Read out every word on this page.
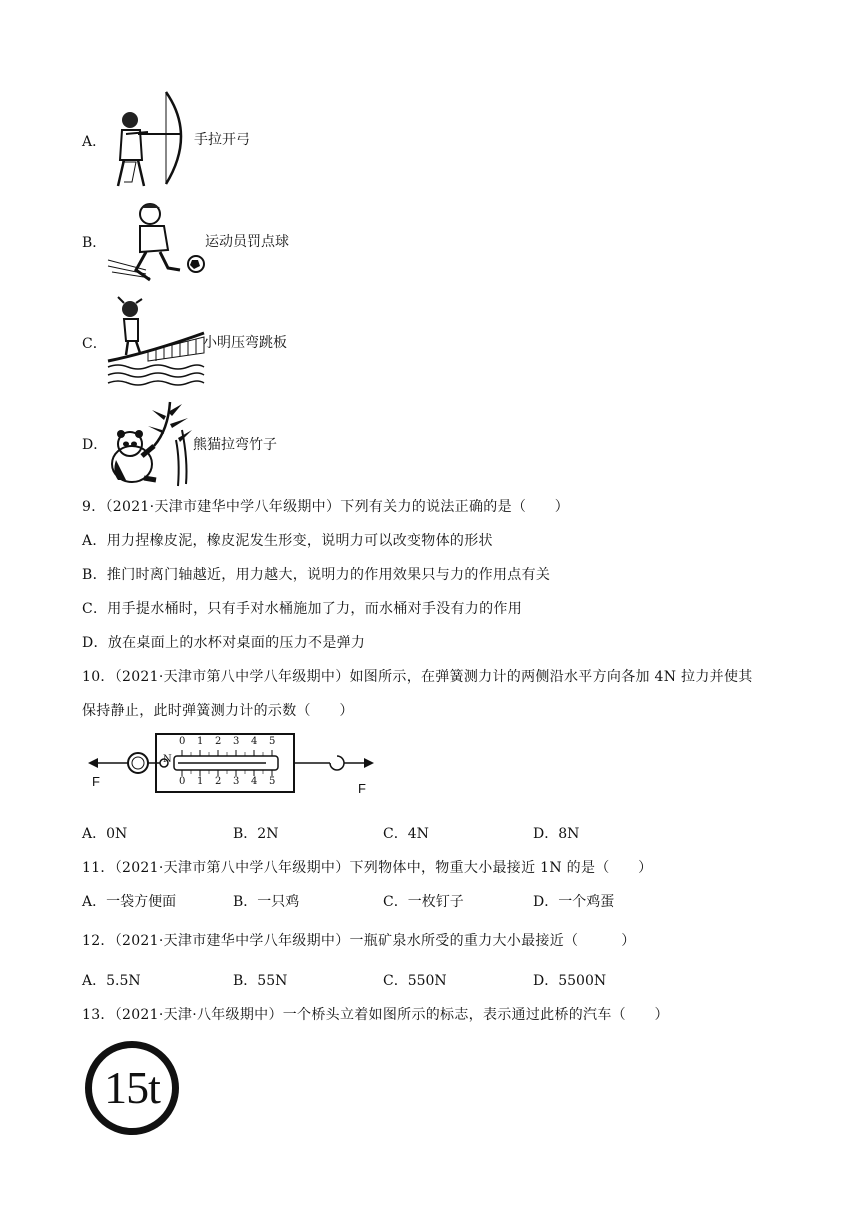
A．	手拉开弓
B．	运动员罚点球
C．	小明压弯跳板
D．	熊猫拉弯竹子
9．（2021·天津市建华中学八年级期中）下列有关力的说法正确的是（　　）
A．用力捏橡皮泥，橡皮泥发生形变，说明力可以改变物体的形状
B．推门时离门轴越近，用力越大，说明力的作用效果只与力的作用点有关
C．用手提水桶时，只有手对水桶施加了力，而水桶对手没有力的作用
D．放在桌面上的水杯对桌面的压力不是弹力
10．（2021·天津市第八中学八年级期中）如图所示，在弹簧测力计的两侧沿水平方向各加 4N 拉力并使其
保持静止，此时弹簧测力计的示数（　　）
F	F
N
0 1 2 3 4 5
0 1 2 3 4 5
A．0N	B．2N	C．4N	D．8N
11．（2021·天津市第八中学八年级期中）下列物体中，物重大小最接近 1N 的是（　　）
A．一袋方便面	B．一只鸡	C．一枚钉子	D．一个鸡蛋
12．（2021·天津市建华中学八年级期中）一瓶矿泉水所受的重力大小最接近（　　　）
A．5.5N	B．55N	C．550N	D．5500N
13．（2021·天津·八年级期中）一个桥头立着如图所示的标志，表示通过此桥的汽车（　　）
15t
